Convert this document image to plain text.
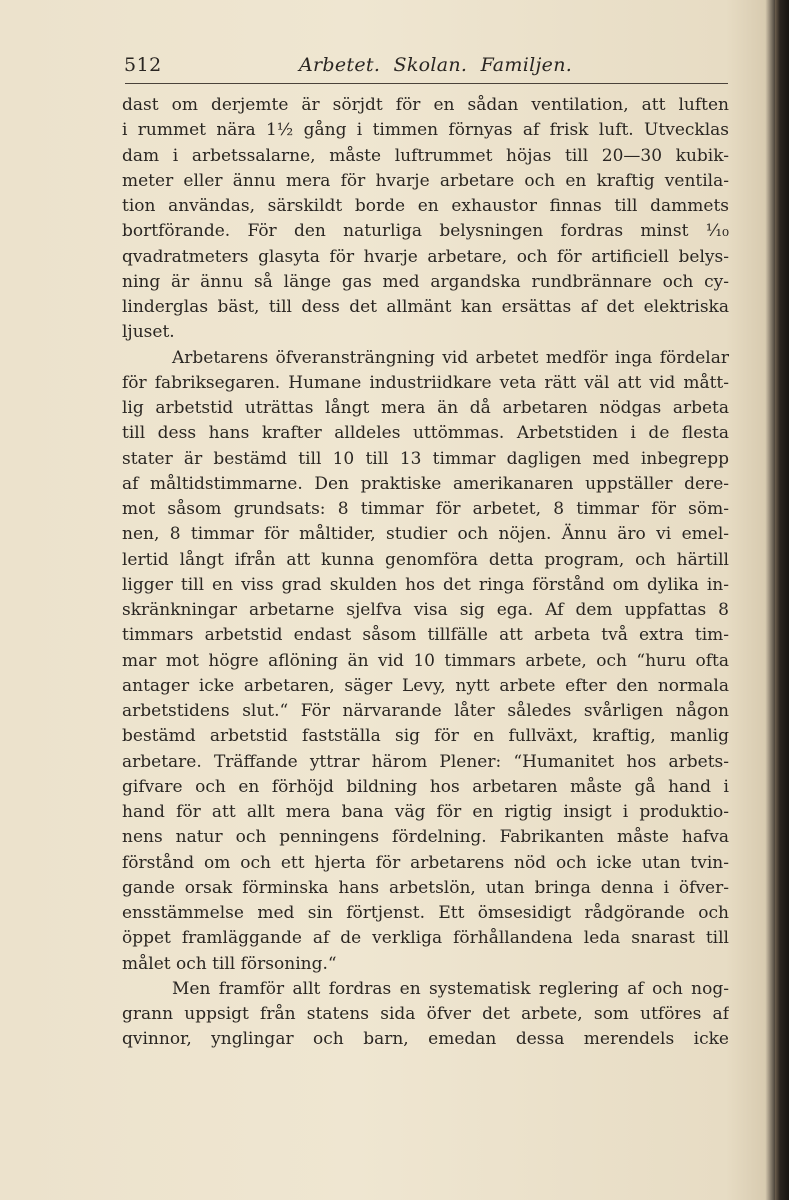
512	Arbetet. Skolan. Familjen.
dast om derjemte är sörjdt för en sådan ventilation, att luften
i rummet nära 1½ gång i timmen förnyas af frisk luft. Utvecklas
dam i arbetssalarne, måste luftrummet höjas till 20—30 kubik-
meter eller ännu mera för hvarje arbetare och en kraftig ventila-
tion användas, särskildt borde en exhaustor finnas till dammets
bortförande. För den naturliga belysningen fordras minst ¹⁄₁₀
qvadratmeters glasyta för hvarje arbetare, och för artificiell belys-
ning är ännu så länge gas med argandska rundbrännare och cy-
linderglas bäst, till dess det allmänt kan ersättas af det elektriska
ljuset.
Arbetarens öfveransträngning vid arbetet medför inga fördelar
för fabriksegaren. Humane industriidkare veta rätt väl att vid mått-
lig arbetstid uträttas långt mera än då arbetaren nödgas arbeta
till dess hans krafter alldeles uttömmas. Arbetstiden i de flesta
stater är bestämd till 10 till 13 timmar dagligen med inbegrepp
af måltidstimmarne. Den praktiske amerikanaren uppställer dere-
mot såsom grundsats: 8 timmar för arbetet, 8 timmar för söm-
nen, 8 timmar för måltider, studier och nöjen. Ännu äro vi emel-
lertid långt ifrån att kunna genomföra detta program, och härtill
ligger till en viss grad skulden hos det ringa förstånd om dylika in-
skränkningar arbetarne sjelfva visa sig ega. Af dem uppfattas 8
timmars arbetstid endast såsom tillfälle att arbeta två extra tim-
mar mot högre aflöning än vid 10 timmars arbete, och “huru ofta
antager icke arbetaren, säger Levy, nytt arbete efter den normala
arbetstidens slut.“ För närvarande låter således svårligen någon
bestämd arbetstid fastställa sig för en fullväxt, kraftig, manlig
arbetare. Träffande yttrar härom Plener: “Humanitet hos arbets-
gifvare och en förhöjd bildning hos arbetaren måste gå hand i
hand för att allt mera bana väg för en rigtig insigt i produktio-
nens natur och penningens fördelning. Fabrikanten måste hafva
förstånd om och ett hjerta för arbetarens nöd och icke utan tvin-
gande orsak förminska hans arbetslön, utan bringa denna i öfver-
ensstämmelse med sin förtjenst. Ett ömsesidigt rådgörande och
öppet framläggande af de verkliga förhållandena leda snarast till
målet och till försoning.“
Men framför allt fordras en systematisk reglering af och nog-
grann uppsigt från statens sida öfver det arbete, som utföres af
qvinnor, ynglingar och barn, emedan dessa merendels icke
